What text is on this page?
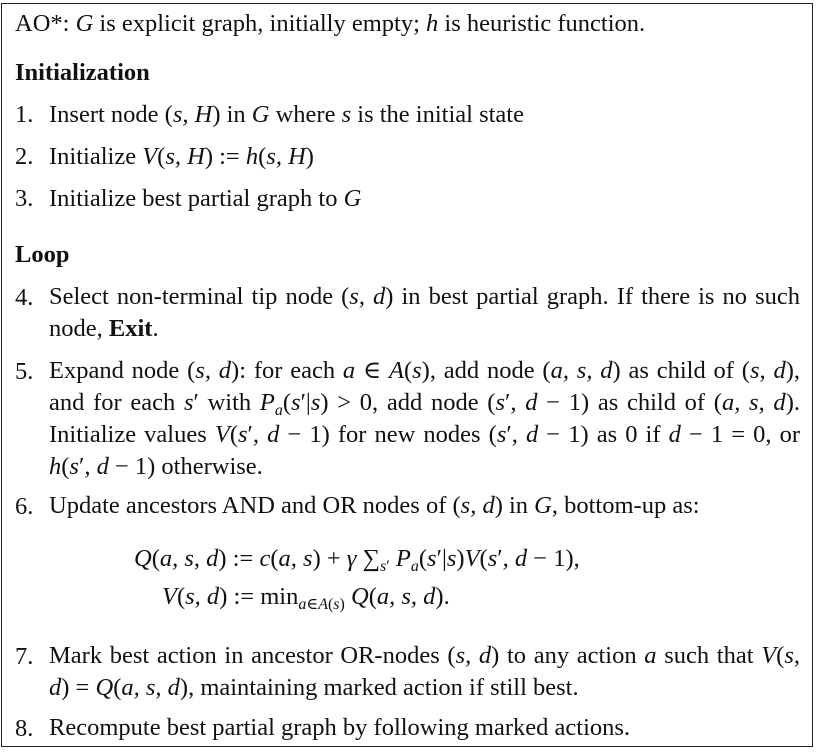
AO*: G is explicit graph, initially empty; h is heuristic function.
Initialization
1. Insert node (s, H) in G where s is the initial state
2. Initialize V(s, H) := h(s, H)
3. Initialize best partial graph to G
Loop
4. Select non-terminal tip node (s, d) in best partial graph. If there is no such node, Exit.
5. Expand node (s, d): for each a ∈ A(s), add node (a, s, d) as child of (s, d), and for each s′ with $P_a(s'|s) > 0$, add node (s′, d − 1) as child of (a, s, d). Initialize values V(s′, d − 1) for new nodes (s′, d − 1) as 0 if d − 1 = 0, or h(s′, d − 1) otherwise.
6. Update ancestors AND and OR nodes of (s, d) in G, bottom-up as:
Q(a, s, d) := c(a, s) + γ $\sum_{s'}$ $P_a(s'|s)V(s'$, d − 1),
V(s, d) := $\min_{a\in A(s)} Q(a$, s, d).
7. Mark best action in ancestor OR-nodes (s, d) to any action a such that V(s, d) = Q(a, s, d), maintaining marked action if still best.
8. Recompute best partial graph by following marked actions.
